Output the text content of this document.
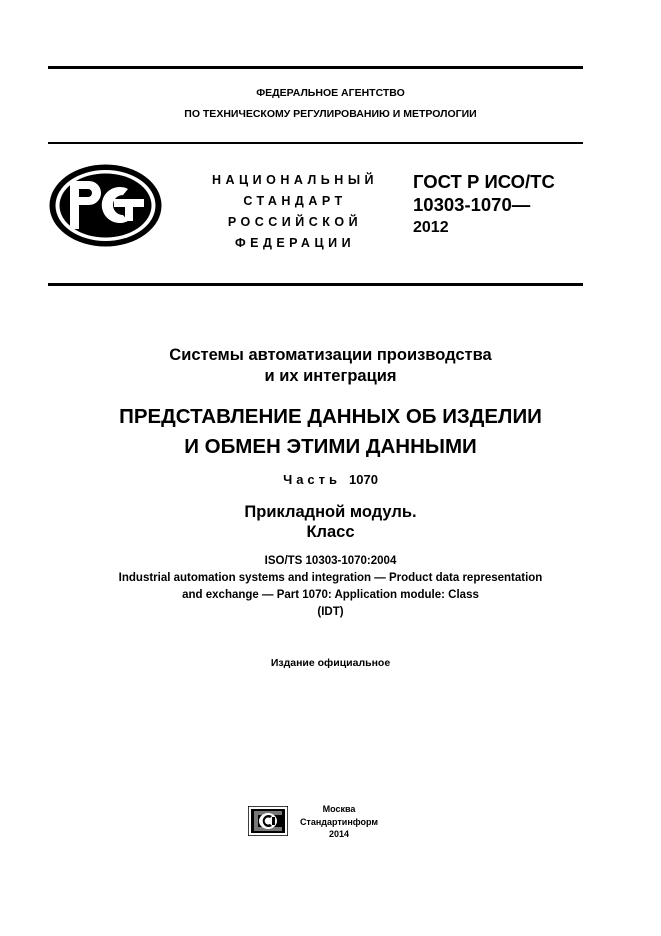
ФЕДЕРАЛЬНОЕ АГЕНТСТВО
ПО ТЕХНИЧЕСКОМУ РЕГУЛИРОВАНИЮ И МЕТРОЛОГИИ
НАЦИОНАЛЬНЫЙ
СТАНДАРТ
РОССИЙСКОЙ
ФЕДЕРАЦИИ
ГОСТ Р ИСО/ТС
10303-1070—
2012
Системы автоматизации производства
и их интеграция
ПРЕДСТАВЛЕНИЕ ДАННЫХ ОБ ИЗДЕЛИИ
И ОБМЕН ЭТИМИ ДАННЫМИ
Часть 1070
Прикладной модуль.
Класс
ISO/TS 10303-1070:2004
Industrial automation systems and integration — Product data representation
and exchange — Part 1070: Application module: Class
(IDT)
Издание официальное
Москва
Стандартинформ
2014
